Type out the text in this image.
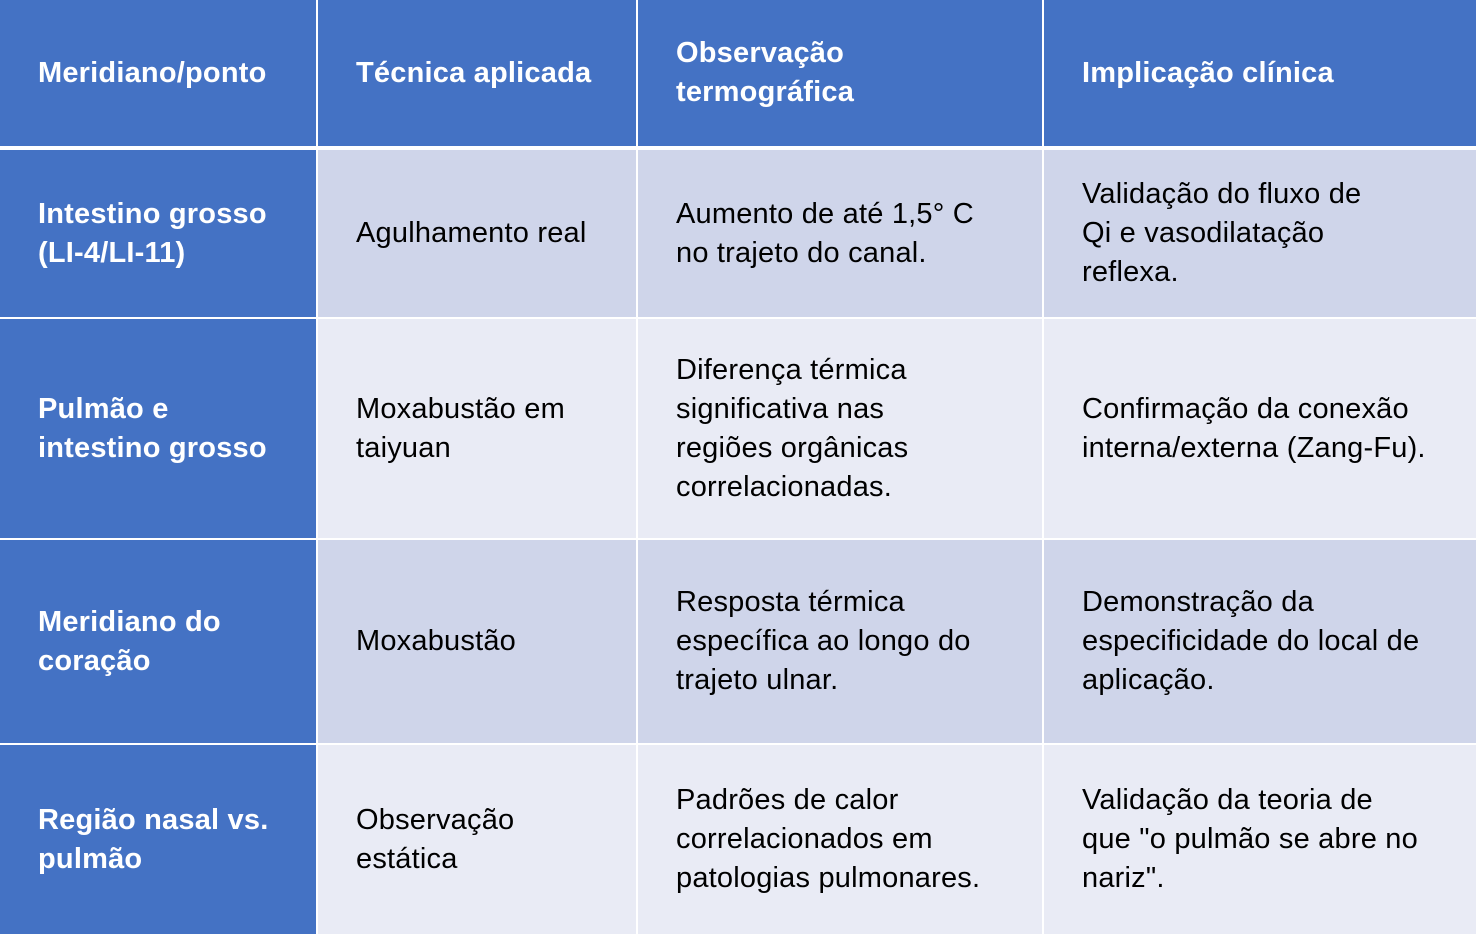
Meridiano/ponto	Técnica aplicada
Observação termográfica
Implicação clínica
Intestino grosso (LI-4/LI-11)
Agulhamento real
Aumento de até 1,5° C no trajeto do canal.
Validação do fluxo de Qi e vasodilatação reflexa.
Pulmão e intestino grosso
Moxabustão em taiyuan
Diferença térmica significativa nas regiões orgânicas correlacionadas.
Confirmação da conexão interna/externa (Zang-Fu).
Meridiano do coração
Moxabustão
Resposta térmica específica ao longo do trajeto ulnar.
Demonstração da especificidade do local de aplicação.
Região nasal vs. pulmão
Observação estática
Padrões de calor correlacionados em patologias pulmonares.
Validação da teoria de que "o pulmão se abre no nariz".
